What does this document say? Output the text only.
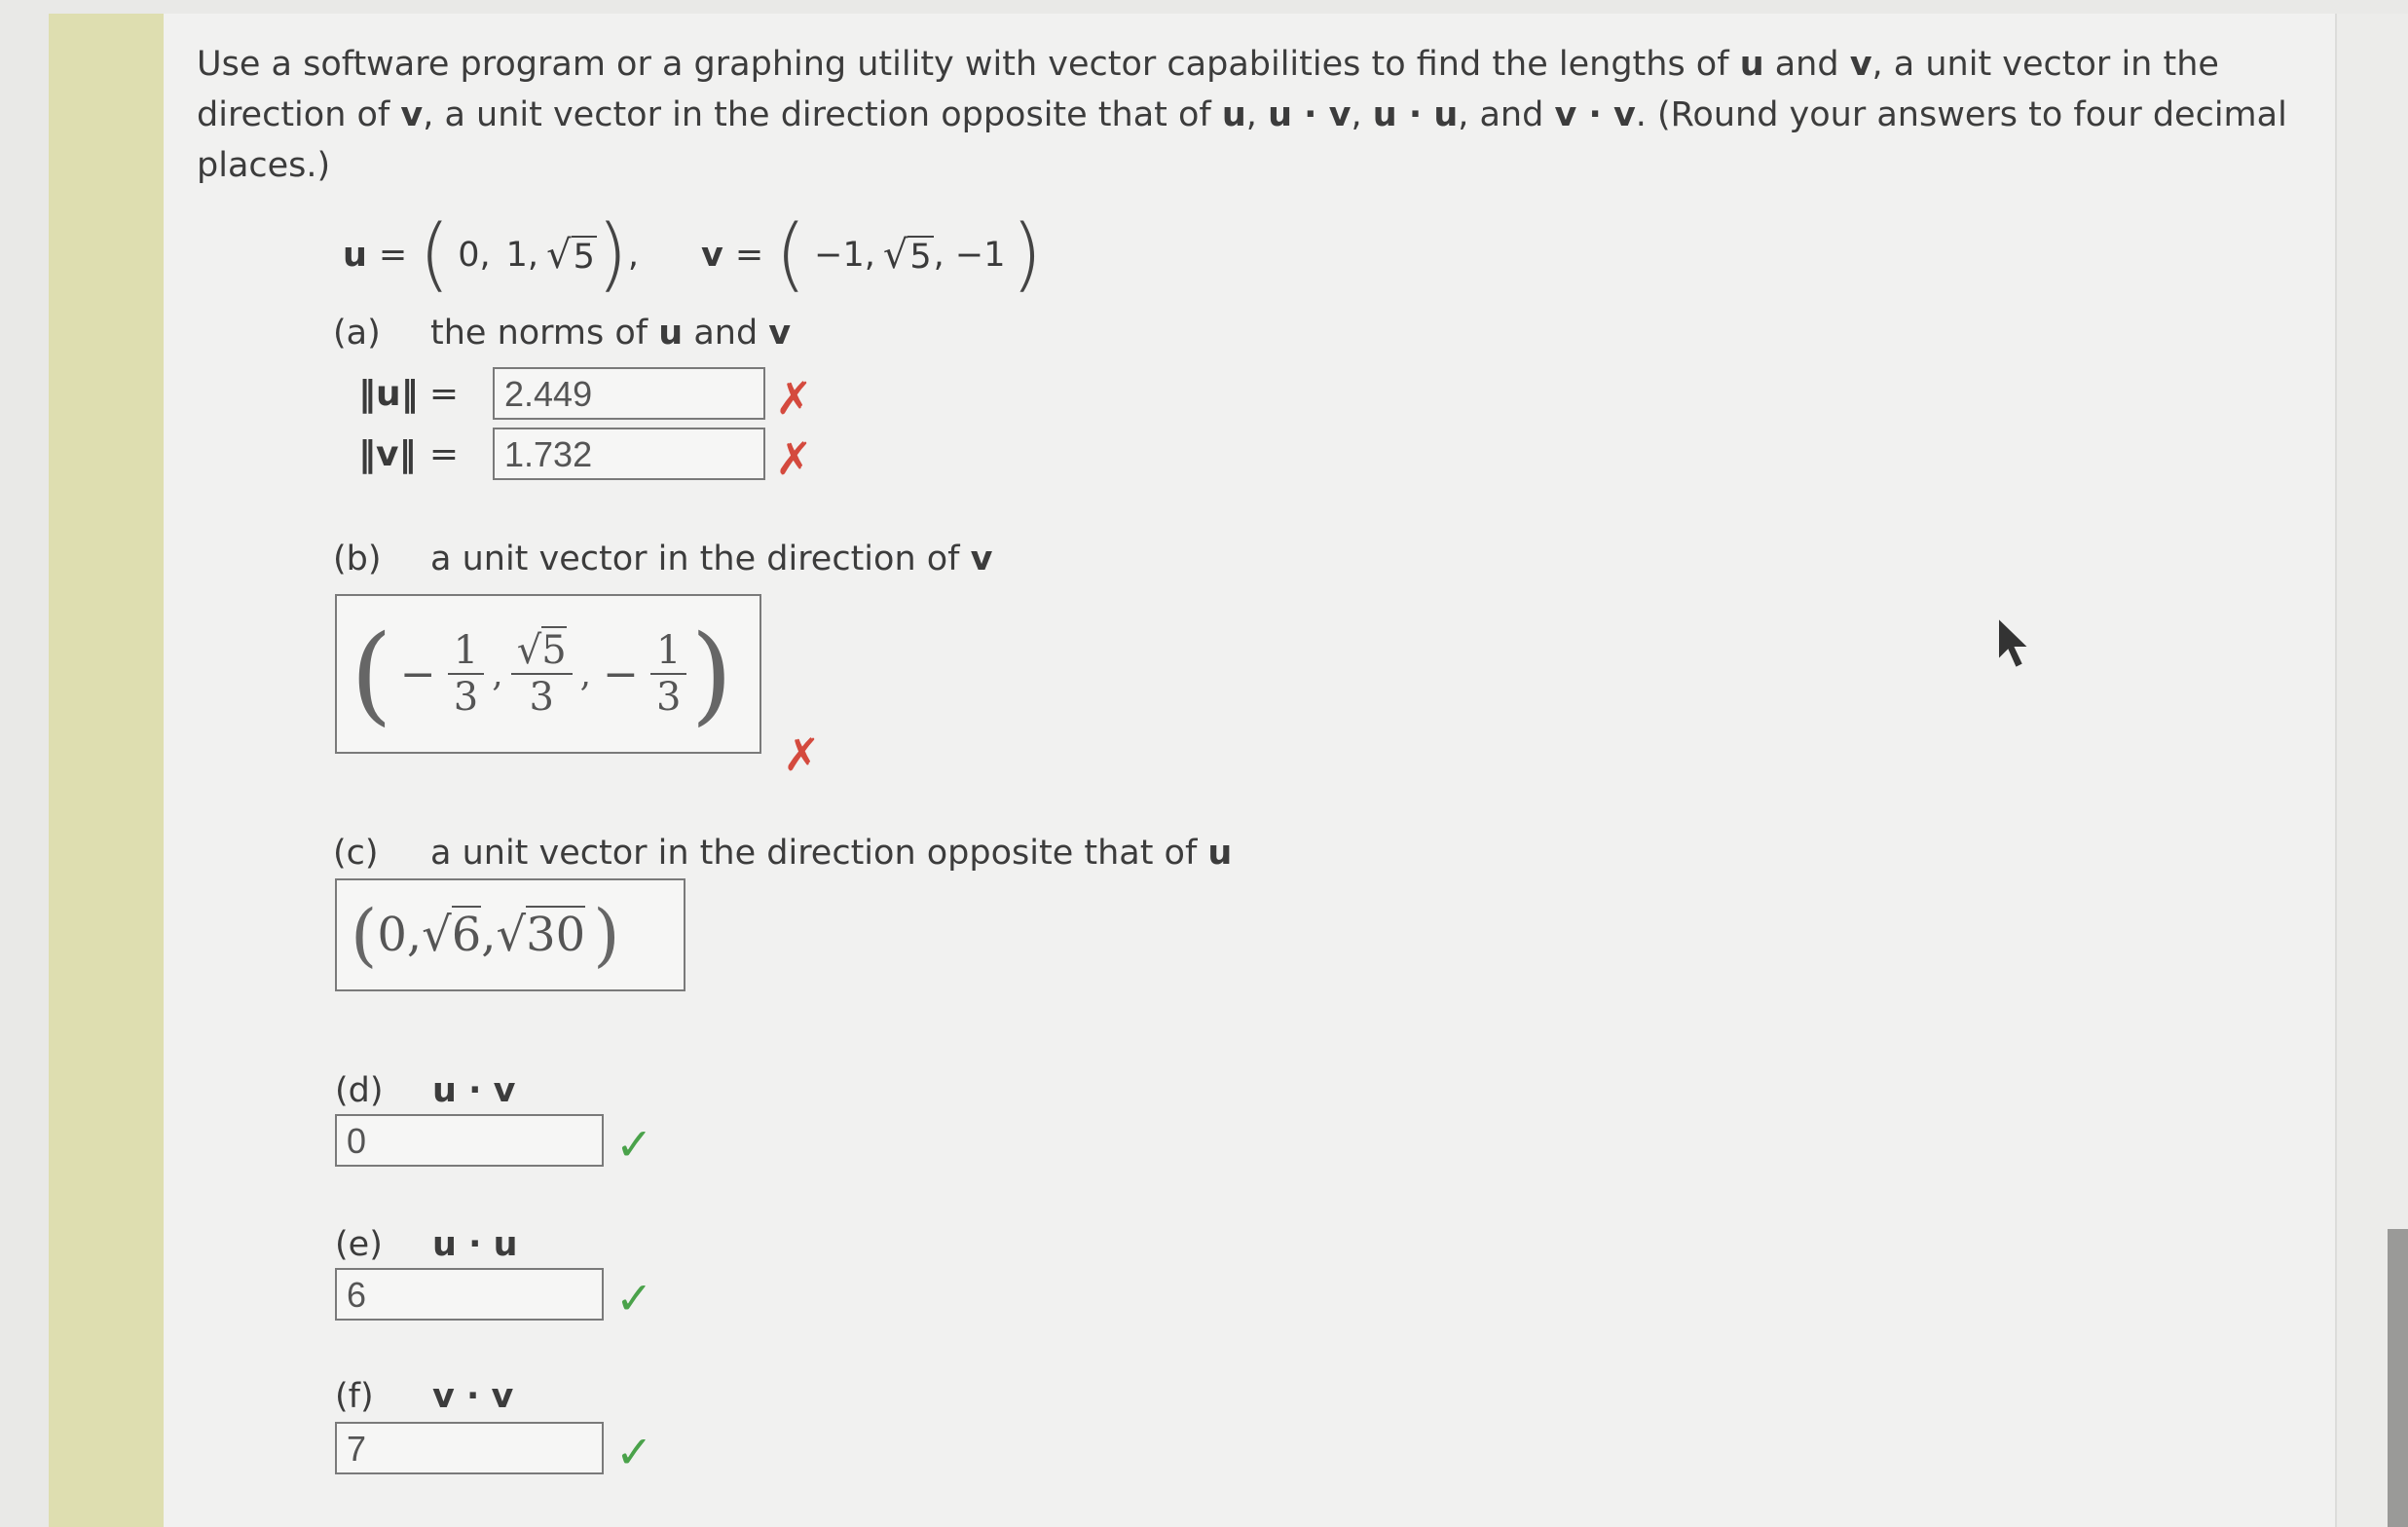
Use a software program or a graphing utility with vector capabilities to find the lengths of u and v, a unit vector in the direction of v, a unit vector in the direction opposite that of u, u · v, u · u, and v · v. (Round your answers to four decimal places.)
u = ( 0, 1, √5 ) , v = ( −1, √5 , −1 )
(a) the norms of u and v
‖u‖ =	2.449	✗
‖v‖ =	1.732	✗
(b) a unit vector in the direction of v
( − $\frac{1}{3}$ , $\frac{√5}{3}$ , − $\frac{1}{3}$ )
✗
(c) a unit vector in the direction opposite that of u
( 0, √6 , √30 )
(d) u · v
0	✓
(e) u · u
6	✓
(f) v · v
7	✓
